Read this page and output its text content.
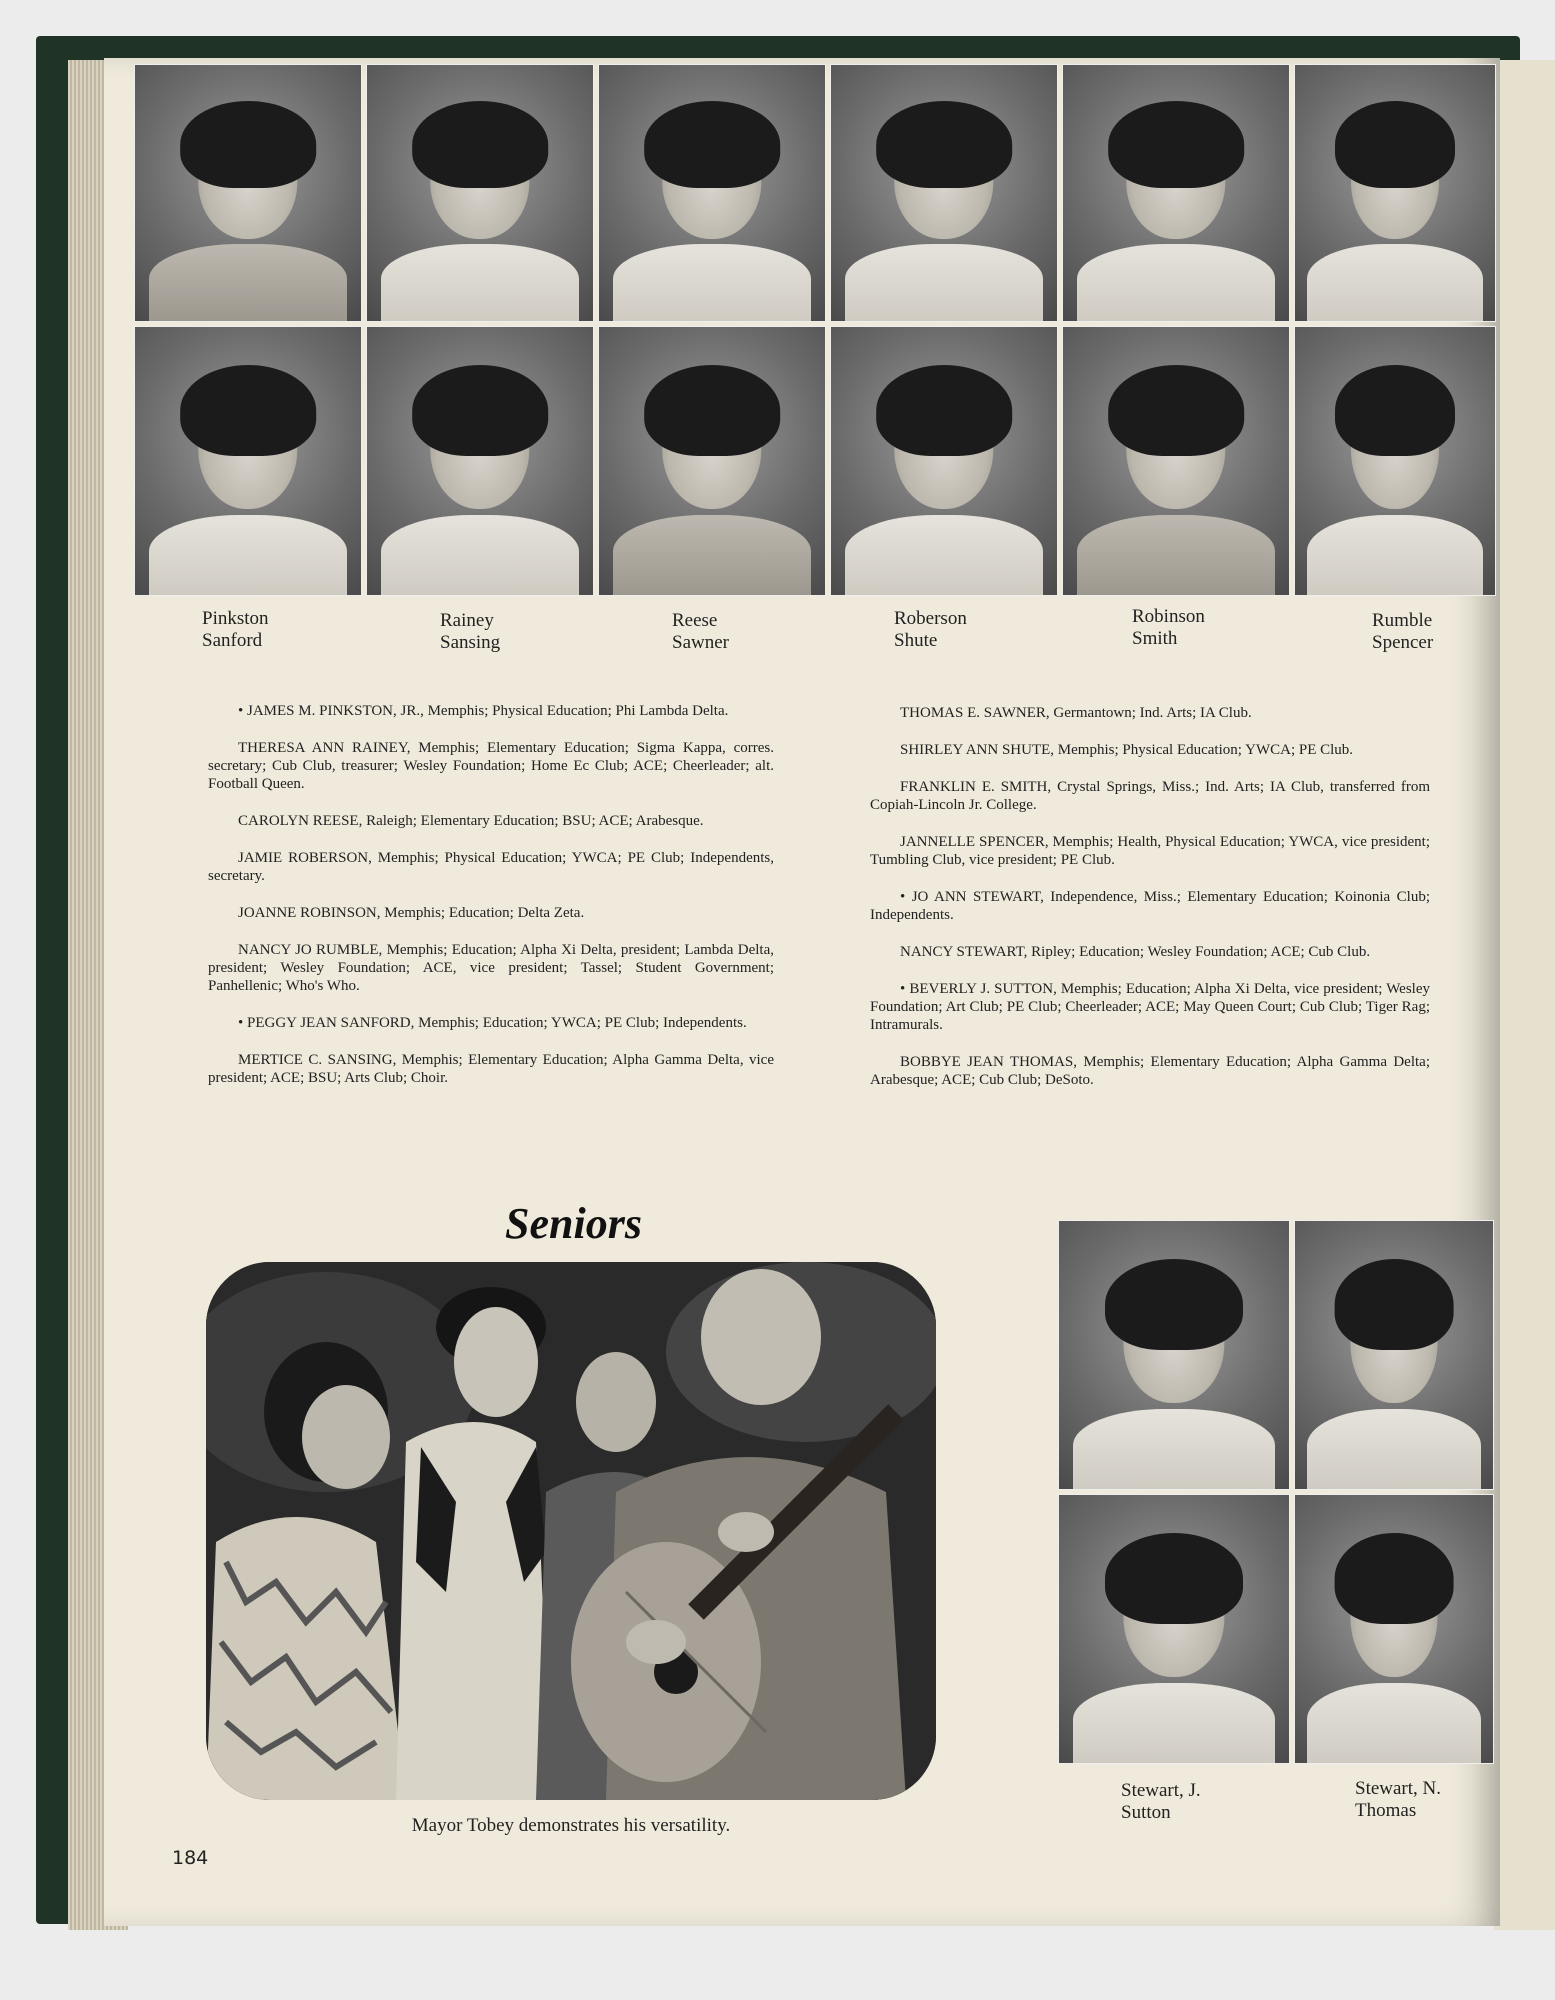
Pinkston
Sanford
Rainey
Sansing
Reese
Sawner
Roberson
Shute
Robinson
Smith
Rumble
Spencer

• JAMES M. PINKSTON, JR., Memphis; Physical Education; Phi Lambda Delta.

THERESA ANN RAINEY, Memphis; Elementary Education; Sigma Kappa, corres. secretary; Cub Club, treasurer; Wesley Foundation; Home Ec Club; ACE; Cheerleader; alt. Football Queen.

CAROLYN REESE, Raleigh; Elementary Education; BSU; ACE; Arabesque.

JAMIE ROBERSON, Memphis; Physical Education; YWCA; PE Club; Independents, secretary.

JOANNE ROBINSON, Memphis; Education; Delta Zeta.

NANCY JO RUMBLE, Memphis; Education; Alpha Xi Delta, president; Lambda Delta, president; Wesley Foundation; ACE, vice president; Tassel; Student Government; Panhellenic; Who's Who.

• PEGGY JEAN SANFORD, Memphis; Education; YWCA; PE Club; Independents.

MERTICE C. SANSING, Memphis; Elementary Education; Alpha Gamma Delta, vice president; ACE; BSU; Arts Club; Choir.

THOMAS E. SAWNER, Germantown; Ind. Arts; IA Club.

SHIRLEY ANN SHUTE, Memphis; Physical Education; YWCA; PE Club.

FRANKLIN E. SMITH, Crystal Springs, Miss.; Ind. Arts; IA Club, transferred from Copiah-Lincoln Jr. College.

JANNELLE SPENCER, Memphis; Health, Physical Education; YWCA, vice president; Tumbling Club, vice president; PE Club.

• JO ANN STEWART, Independence, Miss.; Elementary Education; Koinonia Club; Independents.

NANCY STEWART, Ripley; Education; Wesley Foundation; ACE; Cub Club.

• BEVERLY J. SUTTON, Memphis; Education; Alpha Xi Delta, vice president; Wesley Foundation; Art Club; PE Club; Cheerleader; ACE; May Queen Court; Cub Club; Tiger Rag; Intramurals.

BOBBYE JEAN THOMAS, Memphis; Elementary Education; Alpha Gamma Delta; Arabesque; ACE; Cub Club; DeSoto.

Seniors
Mayor Tobey demonstrates his versatility.
Stewart, J.
Sutton
Stewart, N.
Thomas
184
